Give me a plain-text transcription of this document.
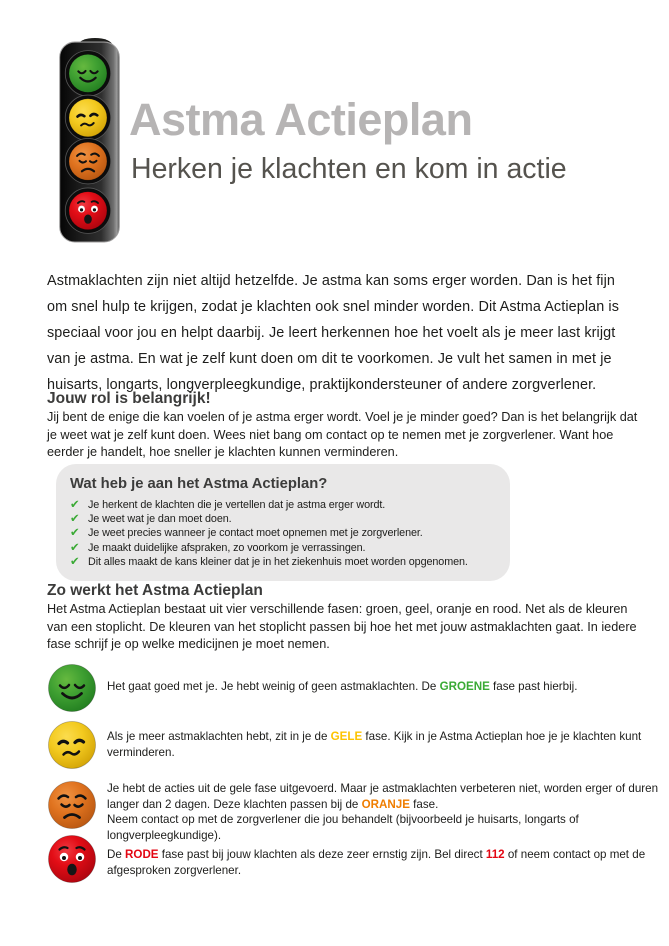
Astma Actieplan
Herken je klachten en kom in actie

Astmaklachten zijn niet altijd hetzelfde. Je astma kan soms erger worden. Dan is het fijn om snel hulp te krijgen, zodat je klachten ook snel minder worden. Dit Astma Actieplan is speciaal voor jou en helpt daarbij. Je leert herkennen hoe het voelt als je meer last krijgt van je astma. En wat je zelf kunt doen om dit te voorkomen. Je vult het samen in met je huisarts, longarts, longverpleegkundige, praktijkondersteuner of andere zorgverlener.

Jouw rol is belangrijk!

Jij bent de enige die kan voelen of je astma erger wordt. Voel je je minder goed? Dan is het belangrijk dat je weet wat je zelf kunt doen. Wees niet bang om contact op te nemen met je zorgverlener. Want hoe eerder je handelt, hoe sneller je klachten kunnen verminderen.

Wat heb je aan het Astma Actieplan?
✔ Je herkent de klachten die je vertellen dat je astma erger wordt.
✔ Je weet wat je dan moet doen.
✔ Je weet precies wanneer je contact moet opnemen met je zorgverlener.
✔ Je maakt duidelijke afspraken, zo voorkom je verrassingen.
✔ Dit alles maakt de kans kleiner dat je in het ziekenhuis moet worden opgenomen.
Zo werkt het Astma Actieplan

Het Astma Actieplan bestaat uit vier verschillende fasen: groen, geel, oranje en rood. Net als de kleuren van een stoplicht. De kleuren van het stoplicht passen bij hoe het met jouw astmaklachten gaat. In iedere fase schrijf je op welke medicijnen je moet nemen.

Het gaat goed met je. Je hebt weinig of geen astmaklachten. De GROENE fase past hierbij.

Als je meer astmaklachten hebt, zit in je de GELE fase. Kijk in je Astma Actieplan hoe je je klachten kunt verminderen.

Je hebt de acties uit de gele fase uitgevoerd. Maar je astmaklachten verbeteren niet, worden erger of duren langer dan 2 dagen. Deze klachten passen bij de ORANJE fase.
Neem contact op met de zorgverlener die jou behandelt (bijvoorbeeld je huisarts, longarts of longverpleegkundige).

De RODE fase past bij jouw klachten als deze zeer ernstig zijn. Bel direct 112 of neem contact op met de afgesproken zorgverlener.
